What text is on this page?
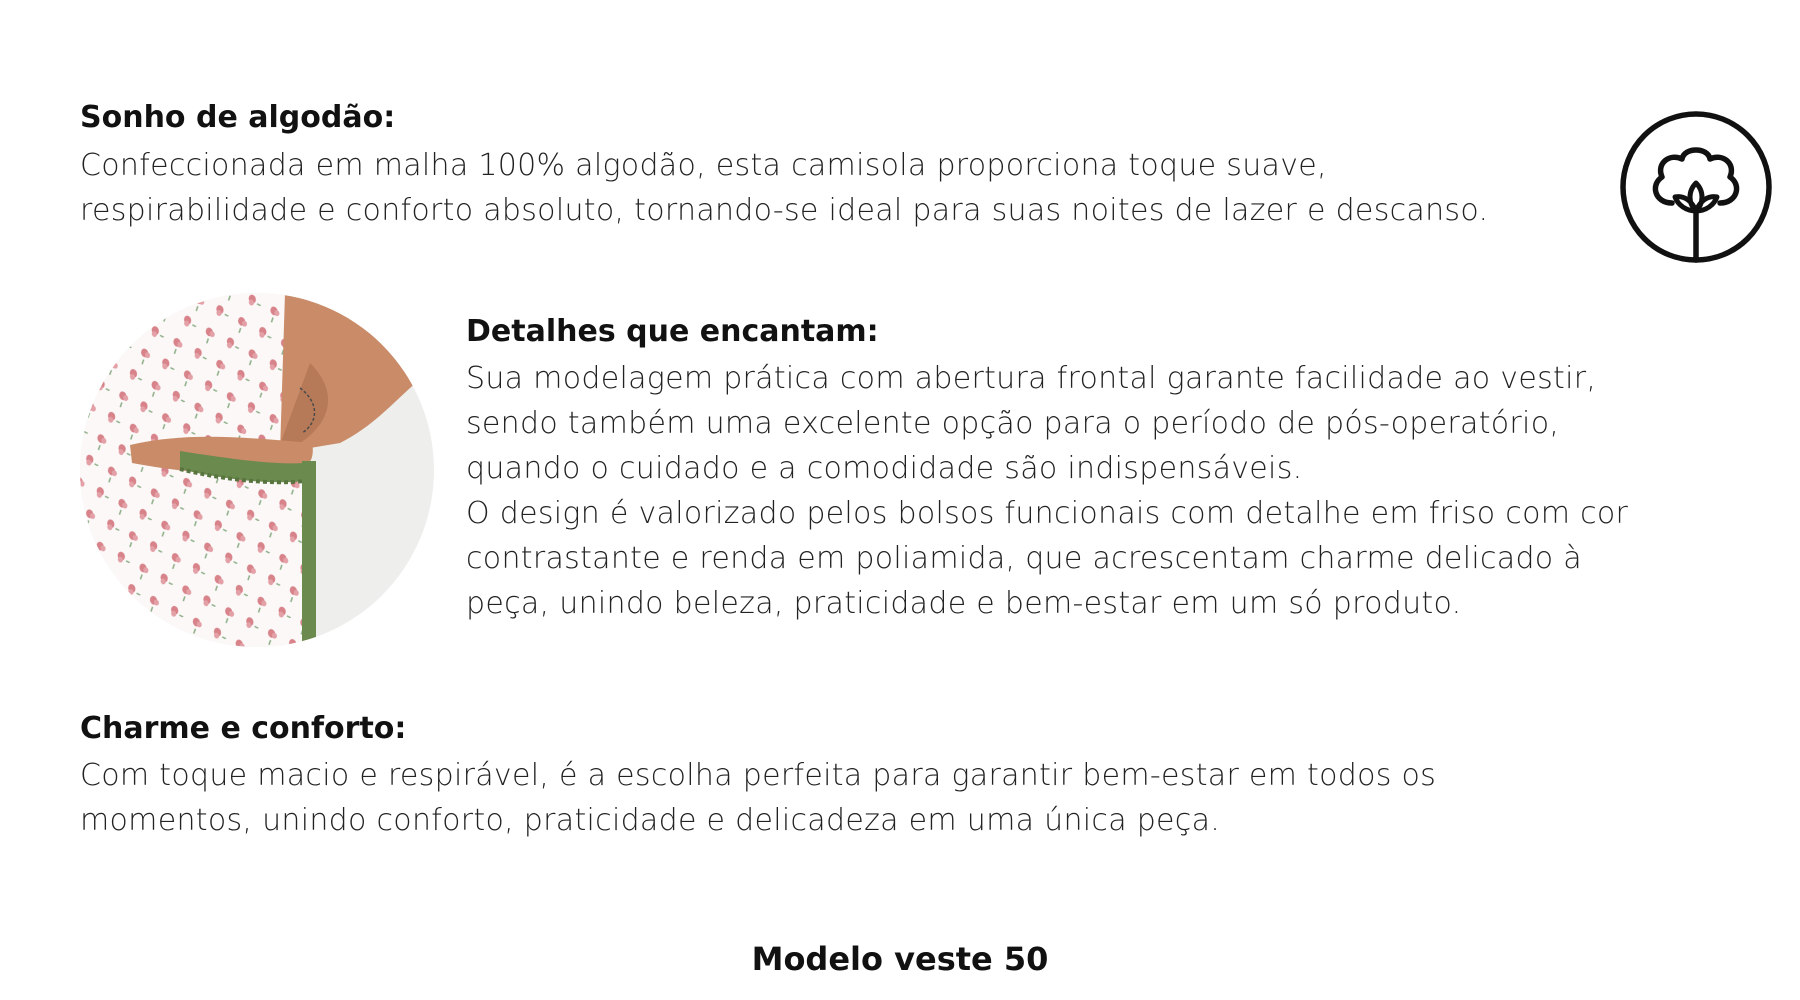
Sonho de algodão:

Confeccionada em malha 100% algodão, esta camisola proporciona toque suave,
respirabilidade e conforto absoluto, tornando-se ideal para suas noites de lazer e descanso.

Detalhes que encantam:

Sua modelagem prática com abertura frontal garante facilidade ao vestir,
sendo também uma excelente opção para o período de pós-operatório,
quando o cuidado e a comodidade são indispensáveis.
O design é valorizado pelos bolsos funcionais com detalhe em friso com cor
contrastante e renda em poliamida, que acrescentam charme delicado à
peça, unindo beleza, praticidade e bem-estar em um só produto.

Charme e conforto:

Com toque macio e respirável, é a escolha perfeita para garantir bem-estar em todos os
momentos, unindo conforto, praticidade e delicadeza em uma única peça.

Modelo veste 50
